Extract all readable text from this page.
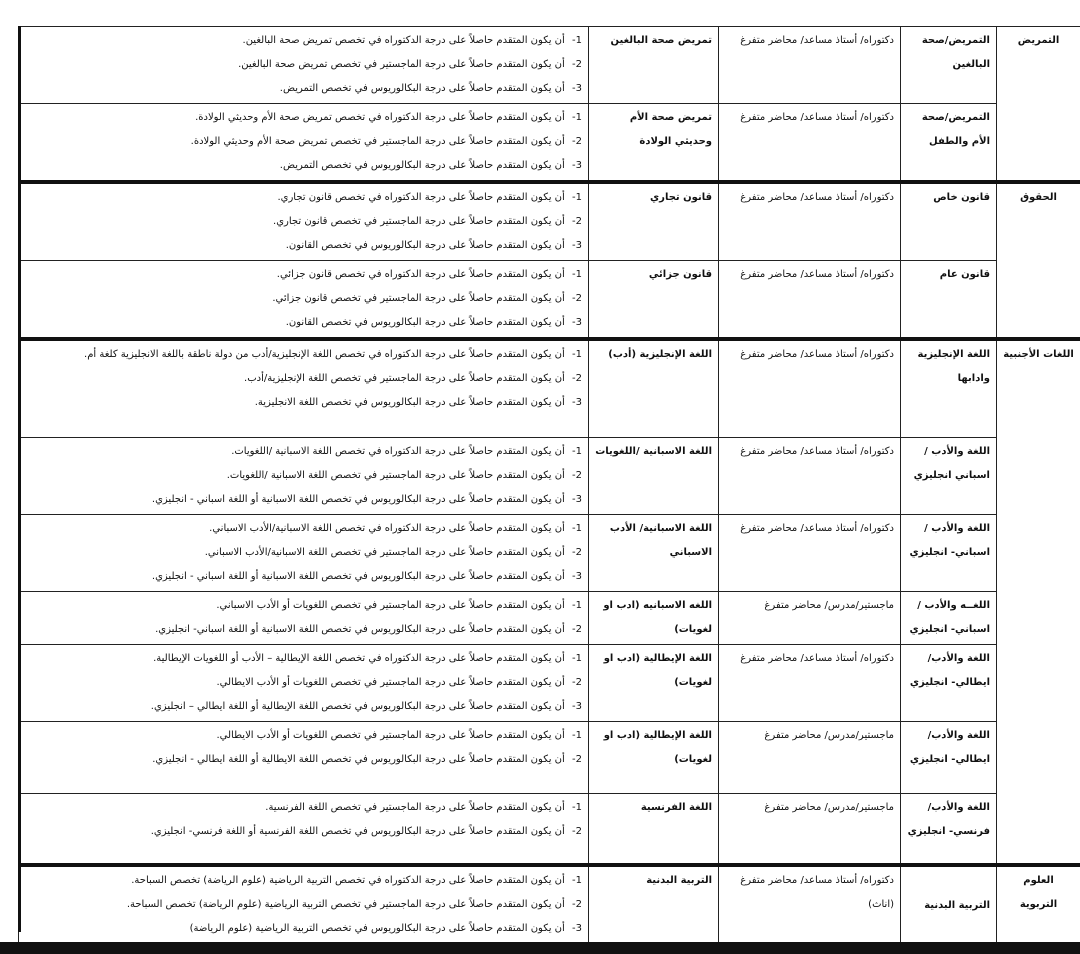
التمريض	التمريض/صحة البالغين	دكتوراه/ أستاذ مساعد/ محاضر متفرغ	تمريض صحة البالغين	1- أن يكون المتقدم حاصلاً على درجة الدكتوراه في تخصص تمريض صحة البالغين.
2- أن يكون المتقدم حاصلاً على درجة الماجستير في تخصص تمريض صحة البالغين.
3- أن يكون المتقدم حاصلاً على درجة البكالوريوس في تخصص التمريض.

	التمريض/صحة الأم والطفل	دكتوراه/ أستاذ مساعد/ محاضر متفرغ	تمريض صحة الأم وحديثي الولادة	1- أن يكون المتقدم حاصلاً على درجة الدكتوراه في تخصص تمريض صحة الأم وحديثي الولادة.
2- أن يكون المتقدم حاصلاً على درجة الماجستير في تخصص تمريض صحة الأم وحديثي الولادة.
3- أن يكون المتقدم حاصلاً على درجة البكالوريوس في تخصص التمريض.

الحقوق	قانون خاص	دكتوراه/ أستاذ مساعد/ محاضر متفرغ	قانون تجاري	1- أن يكون المتقدم حاصلاً على درجة الدكتوراه في تخصص قانون تجاري.
2- أن يكون المتقدم حاصلاً على درجة الماجستير في تخصص قانون تجاري.
3- أن يكون المتقدم حاصلاً على درجة البكالوريوس في تخصص القانون.

	قانون عام	دكتوراه/ أستاذ مساعد/ محاضر متفرغ	قانون جزائي	1- أن يكون المتقدم حاصلاً على درجة الدكتوراه في تخصص قانون جزائي.
2- أن يكون المتقدم حاصلاً على درجة الماجستير في تخصص قانون جزائي.
3- أن يكون المتقدم حاصلاً على درجة البكالوريوس في تخصص القانون.

اللغات الأجنبية	اللغة الإنجليزية وادابها	دكتوراه/ أستاذ مساعد/ محاضر متفرغ	اللغة الإنجليزية (أدب)	1- أن يكون المتقدم حاصلاً على درجة الدكتوراه في تخصص اللغة الإنجليزية/أدب من دولة ناطقة باللغة الانجليزية كلغة أم.
2- أن يكون المتقدم حاصلاً على درجة الماجستير في تخصص اللغة الإنجليزية/أدب.
3- أن يكون المتقدم حاصلاً على درجة البكالوريوس في تخصص اللغة الانجليزية.

	اللغة والأدب / اسباني انجليزي	دكتوراه/ أستاذ مساعد/ محاضر متفرغ	اللغة الاسبانية /اللغويات	1- أن يكون المتقدم حاصلاً على درجة الدكتوراه في تخصص اللغة الاسبانية /اللغويات.
2- أن يكون المتقدم حاصلاً على درجة الماجستير في تخصص اللغة الاسبانية /اللغويات.
3- أن يكون المتقدم حاصلاً على درجة البكالوريوس في تخصص اللغة الاسبانية أو اللغة اسباني - انجليزي.

	اللغة والأدب / اسباني- انجليزي	دكتوراه/ أستاذ مساعد/ محاضر متفرغ	اللغة الاسبانية/ الأدب الاسباني	1- أن يكون المتقدم حاصلاً على درجة الدكتوراه في تخصص اللغة الاسبانية/الأدب الاسباني.
2- أن يكون المتقدم حاصلاً على درجة الماجستير في تخصص اللغة الاسبانية/الأدب الاسباني.
3- أن يكون المتقدم حاصلاً على درجة البكالوريوس في تخصص اللغة الاسبانية أو اللغة اسباني - انجليزي.

	اللغــه والأدب / اسباني- انجليزي	ماجستير/مدرس/ محاضر متفرغ	اللغه الاسبانيه (ادب او لغويات)	1- أن يكون المتقدم حاصلاً على درجة الماجستير في تخصص اللغويات أو الأدب الاسباني.
2- أن يكون المتقدم حاصلاً على درجة البكالوريوس في تخصص اللغة الاسبانية أو اللغة اسباني- انجليزي.

	اللغة والأدب/ايطالي- انجليزي	دكتوراه/ أستاذ مساعد/ محاضر متفرغ	اللغة الإيطالية (ادب او لغويات)	1- أن يكون المتقدم حاصلاً على درجة الدكتوراه في تخصص اللغة الإيطالية – الأدب أو اللغويات الإيطالية.
2- أن يكون المتقدم حاصلاً على درجة الماجستير في تخصص اللغويات أو الأدب الايطالي.
3- أن يكون المتقدم حاصلاً على درجة البكالوريوس في تخصص اللغة الإيطالية أو اللغة ايطالي – انجليزي.

	اللغة والأدب/ايطالي- انجليزي	ماجستير/مدرس/ محاضر متفرغ	اللغة الإيطالية (ادب او لغويات)	1- أن يكون المتقدم حاصلاً على درجة الماجستير في تخصص اللغويات أو الأدب الايطالي.
2- أن يكون المتقدم حاصلاً على درجة البكالوريوس في تخصص اللغة الايطالية أو اللغة ايطالي - انجليزي.

	اللغة والأدب/فرنسي- انجليزي	ماجستير/مدرس/ محاضر متفرغ	اللغة الفرنسية	1- أن يكون المتقدم حاصلاً على درجة الماجستير في تخصص اللغة الفرنسية.
2- أن يكون المتقدم حاصلاً على درجة البكالوريوس في تخصص اللغة الفرنسية أو اللغة فرنسي- انجليزي.

العلوم التربوية	التربية البدنية	دكتوراه/ أستاذ مساعد/ محاضر متفرغ (اناث)	التربية البدنية	1- أن يكون المتقدم حاصلاً على درجة الدكتوراه في تخصص التربية الرياضية (علوم الرياضة) تخصص السباحة.
2- أن يكون المتقدم حاصلاً على درجة الماجستير في تخصص التربية الرياضية (علوم الرياضة) تخصص السباحة.
3- أن يكون المتقدم حاصلاً على درجة البكالوريوس في تخصص التربية الرياضية (علوم الرياضة)
